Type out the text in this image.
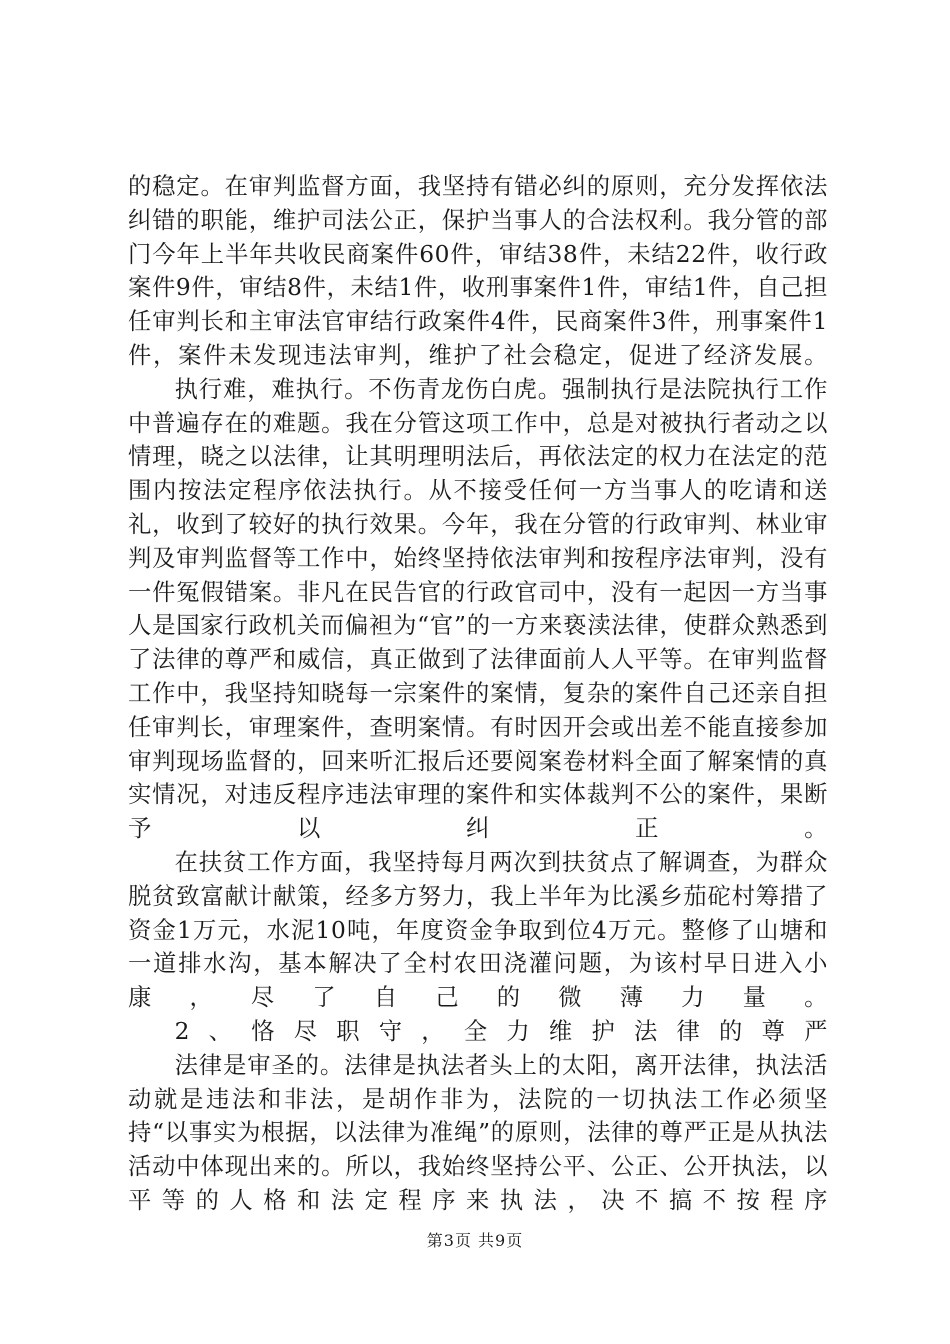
的稳定。在审判监督方面，我坚持有错必纠的原则，充分发挥依法纠错的职能，维护司法公正，保护当事人的合法权利。我分管的部门今年上半年共收民商案件60件，审结38件，未结22件，收行政案件9件，审结8件，未结1件，收刑事案件1件，审结1件，自己担任审判长和主审法官审结行政案件4件，民商案件3件，刑事案件1件，案件未发现违法审判，维护了社会稳定，促进了经济发展。

执行难，难执行。不伤青龙伤白虎。强制执行是法院执行工作中普遍存在的难题。我在分管这项工作中，总是对被执行者动之以情理，晓之以法律，让其明理明法后，再依法定的权力在法定的范围内按法定程序依法执行。从不接受任何一方当事人的吃请和送礼，收到了较好的执行效果。今年，我在分管的行政审判、林业审判及审判监督等工作中，始终坚持依法审判和按程序法审判，没有一件冤假错案。非凡在民告官的行政官司中，没有一起因一方当事人是国家行政机关而偏袒为“官”的一方来亵渎法律，使群众熟悉到了法律的尊严和威信，真正做到了法律面前人人平等。在审判监督工作中，我坚持知晓每一宗案件的案情，复杂的案件自己还亲自担任审判长，审理案件，查明案情。有时因开会或出差不能直接参加审判现场监督的，回来听汇报后还要阅案卷材料全面了解案情的真实情况，对违反程序违法审理的案件和实体裁判不公的案件，果断予以纠正。

在扶贫工作方面，我坚持每月两次到扶贫点了解调查，为群众脱贫致富献计献策，经多方努力，我上半年为比溪乡茄砣村筹措了资金1万元，水泥10吨，年度资金争取到位4万元。整修了山塘和一道排水沟，基本解决了全村农田浇灌问题，为该村早日进入小康，尽了自己的微薄力量。

2、恪尽职守，全力维护法律的尊严

法律是审圣的。法律是执法者头上的太阳，离开法律，执法活动就是违法和非法，是胡作非为，法院的一切执法工作必须坚持“以事实为根据，以法律为准绳”的原则，法律的尊严正是从执法活动中体现出来的。所以，我始终坚持公平、公正、公开执法，以平等的人格和法定程序来执法，决不搞不按程序

第3页 共9页
